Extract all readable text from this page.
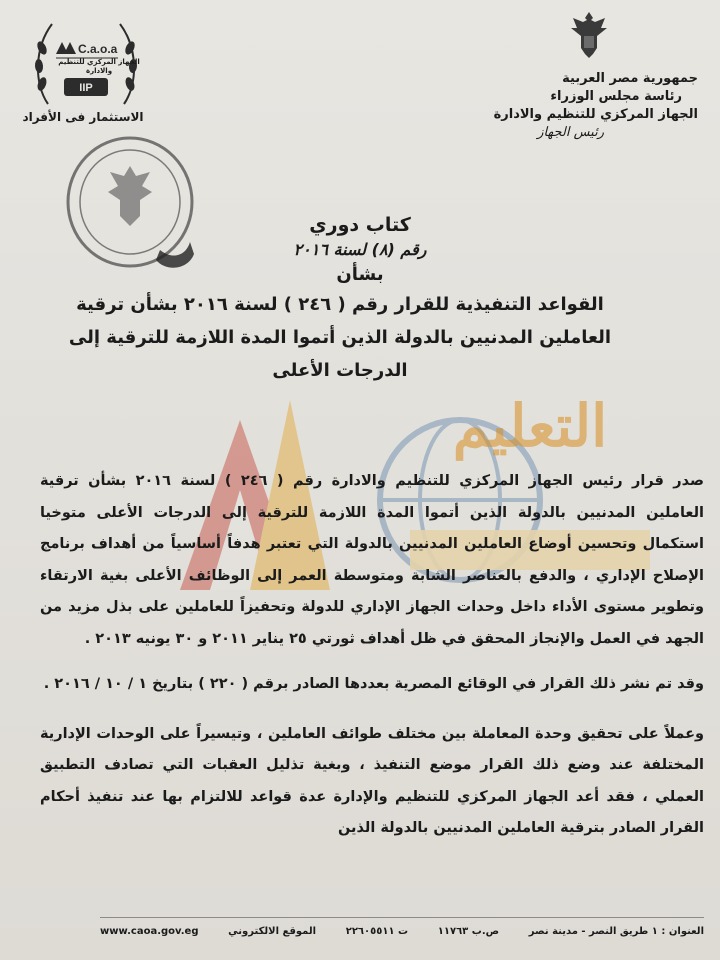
جمهورية مصر العربية
رئاسة مجلس الوزراء
الجهاز المركزي للتنظيم والادارة
رئيس الجهاز
C.a.o.a
IIP
الجهاز المركزي للتنظيم والادارة
الاستثمار فى الأفراد
التعليم
كتاب دوري
رقم (٨) لسنة ٢٠١٦
بشأن
القواعد التنفيذية للقرار رقم ( ٢٤٦ ) لسنة ٢٠١٦ بشأن ترقية العاملين المدنيين بالدولة الذين أتموا المدة اللازمة للترقية إلى الدرجات الأعلى

صدر قرار رئيس الجهاز المركزي للتنظيم والادارة رقم ( ٢٤٦ ) لسنة ٢٠١٦ بشأن ترقية العاملين المدنيين بالدولة الذين أتموا المدة اللازمة للترقية إلى الدرجات الأعلى متوخيا استكمال وتحسين أوضاع العاملين المدنيين بالدولة التي تعتبر هدفاً أساسياً من أهداف برنامج الإصلاح الإداري ، والدفع بالعناصر الشابة ومتوسطة العمر إلى الوظائف الأعلى بغية الارتقاء وتطوير مستوى الأداء داخل وحدات الجهاز الإداري للدولة وتحفيزاً للعاملين على بذل مزيد من الجهد في العمل والإنجاز المحقق في ظل أهداف ثورتي ٢٥ يناير ٢٠١١ و ٣٠ يونيه ٢٠١٣ .

وقد تم نشر ذلك القرار في الوقائع المصرية بعددها الصادر برقم ( ٢٢٠ ) بتاريخ ١ / ١٠ / ٢٠١٦ .

وعملاً على تحقيق وحدة المعاملة بين مختلف طوائف العاملين ، وتيسيراً على الوحدات الإدارية المختلفة عند وضع ذلك القرار موضع التنفيذ ، وبغية تذليل العقبات التي تصادف التطبيق العملي ، فقد أعد الجهاز المركزي للتنظيم والإدارة عدة قواعد للالتزام بها عند تنفيذ أحكام القرار الصادر بترقية العاملين المدنيين بالدولة الذين

العنوان : ١ طريق النصر - مدينة نصر
ص.ب ١١٧٦٣
ت ٢٢٦٠٥٥١١
الموقع الالكتروني
www.caoa.gov.eg
